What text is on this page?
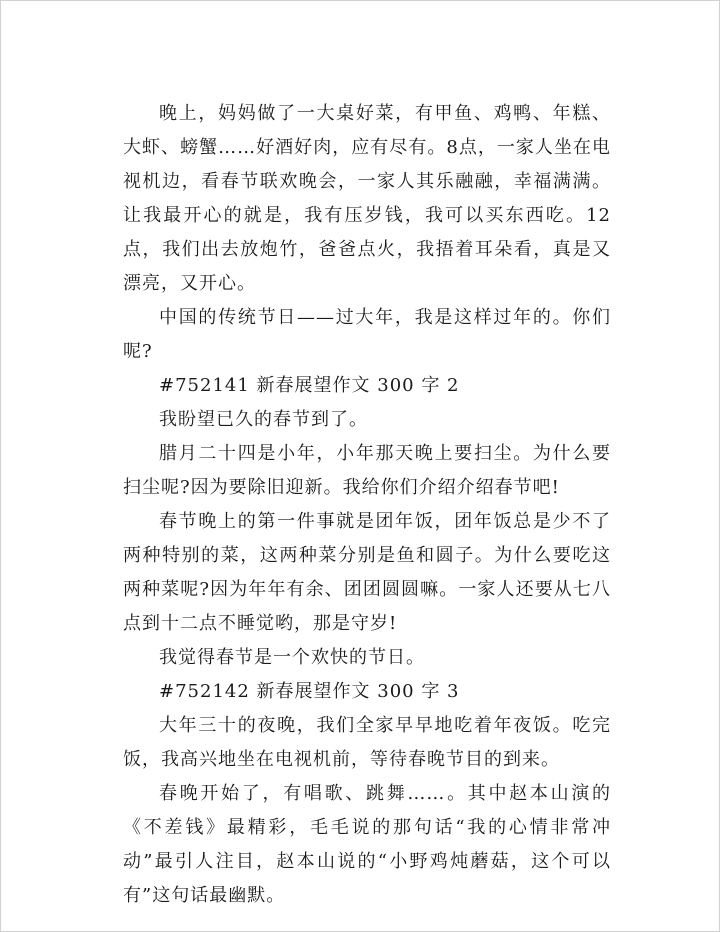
晚上，妈妈做了一大桌好菜，有甲鱼、鸡鸭、年糕、大虾、螃蟹……好酒好肉，应有尽有。8点，一家人坐在电视机边，看春节联欢晚会，一家人其乐融融，幸福满满。让我最开心的就是，我有压岁钱，我可以买东西吃。12点，我们出去放炮竹，爸爸点火，我捂着耳朵看，真是又漂亮，又开心。

中国的传统节日——过大年，我是这样过年的。你们呢?

#752141 新春展望作文 300 字 2

我盼望已久的春节到了。

腊月二十四是小年，小年那天晚上要扫尘。为什么要扫尘呢?因为要除旧迎新。我给你们介绍介绍春节吧!

春节晚上的第一件事就是团年饭，团年饭总是少不了两种特别的菜，这两种菜分别是鱼和圆子。为什么要吃这两种菜呢?因为年年有余、团团圆圆嘛。一家人还要从七八点到十二点不睡觉哟，那是守岁!

我觉得春节是一个欢快的节日。

#752142 新春展望作文 300 字 3

大年三十的夜晚，我们全家早早地吃着年夜饭。吃完饭，我高兴地坐在电视机前，等待春晚节目的到来。

春晚开始了，有唱歌、跳舞……。其中赵本山演的《不差钱》最精彩，毛毛说的那句话“我的心情非常冲动”最引人注目，赵本山说的“小野鸡炖蘑菇，这个可以有”这句话最幽默。
